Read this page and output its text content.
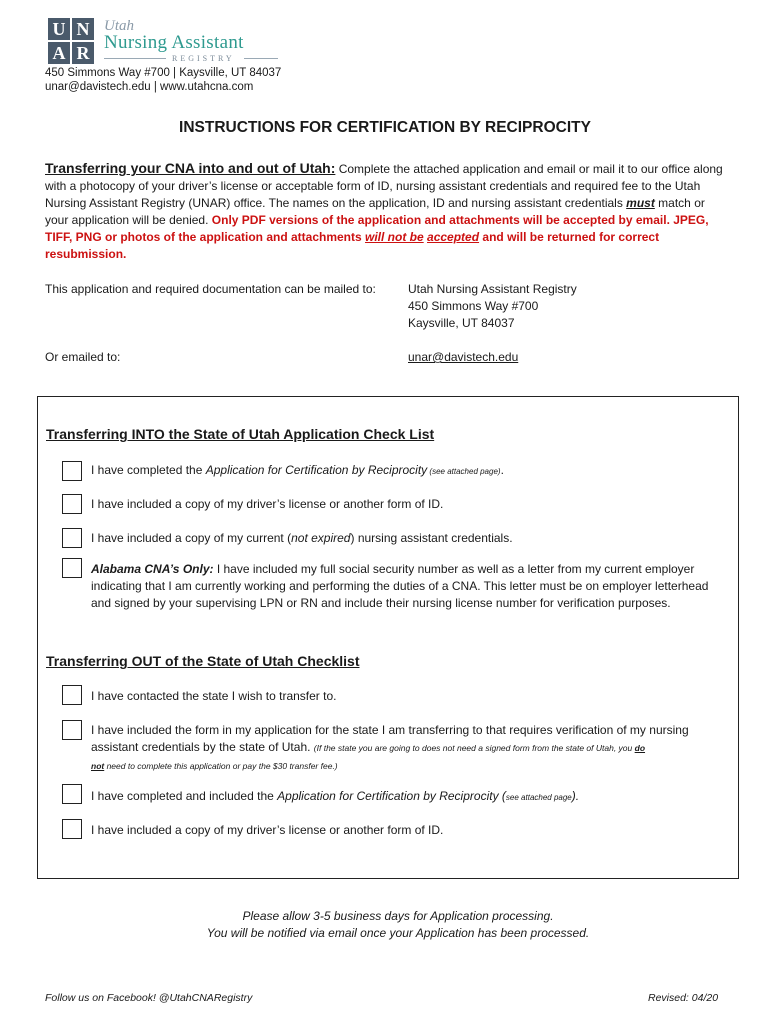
U N
A R
Utah
Nursing Assistant
REGISTRY
450 Simmons Way #700 | Kaysville, UT 84037
unar@davistech.edu | www.utahcna.com
INSTRUCTIONS FOR CERTIFICATION BY RECIPROCITY
Transferring your CNA into and out of Utah: Complete the attached application and email or mail it to our office along with a photocopy of your driver’s license or acceptable form of ID, nursing assistant credentials and required fee to the Utah Nursing Assistant Registry (UNAR) office. The names on the application, ID and nursing assistant credentials must match or your application will be denied. Only PDF versions of the application and attachments will be accepted by email. JPEG, TIFF, PNG or photos of the application and attachments will not be accepted and will be returned for correct resubmission.
This application and required documentation can be mailed to:	Utah Nursing Assistant Registry
450 Simmons Way #700
Kaysville, UT 84037
Or emailed to:	unar@davistech.edu
Transferring INTO the State of Utah Application Check List
I have completed the Application for Certification by Reciprocity (see attached page).
I have included a copy of my driver’s license or another form of ID.
I have included a copy of my current (not expired) nursing assistant credentials.
Alabama CNA’s Only: I have included my full social security number as well as a letter from my current employer indicating that I am currently working and performing the duties of a CNA. This letter must be on employer letterhead and signed by your supervising LPN or RN and include their nursing license number for verification purposes.
Transferring OUT of the State of Utah Checklist
I have contacted the state I wish to transfer to.
I have included the form in my application for the state I am transferring to that requires verification of my nursing assistant credentials by the state of Utah. (If the state you are going to does not need a signed form from the state of Utah, you do
not need to complete this application or pay the $30 transfer fee.)
I have completed and included the Application for Certification by Reciprocity (see attached page).
I have included a copy of my driver’s license or another form of ID.
Please allow 3-5 business days for Application processing.
You will be notified via email once your Application has been processed.
Follow us on Facebook! @UtahCNARegistry	Revised: 04/20
